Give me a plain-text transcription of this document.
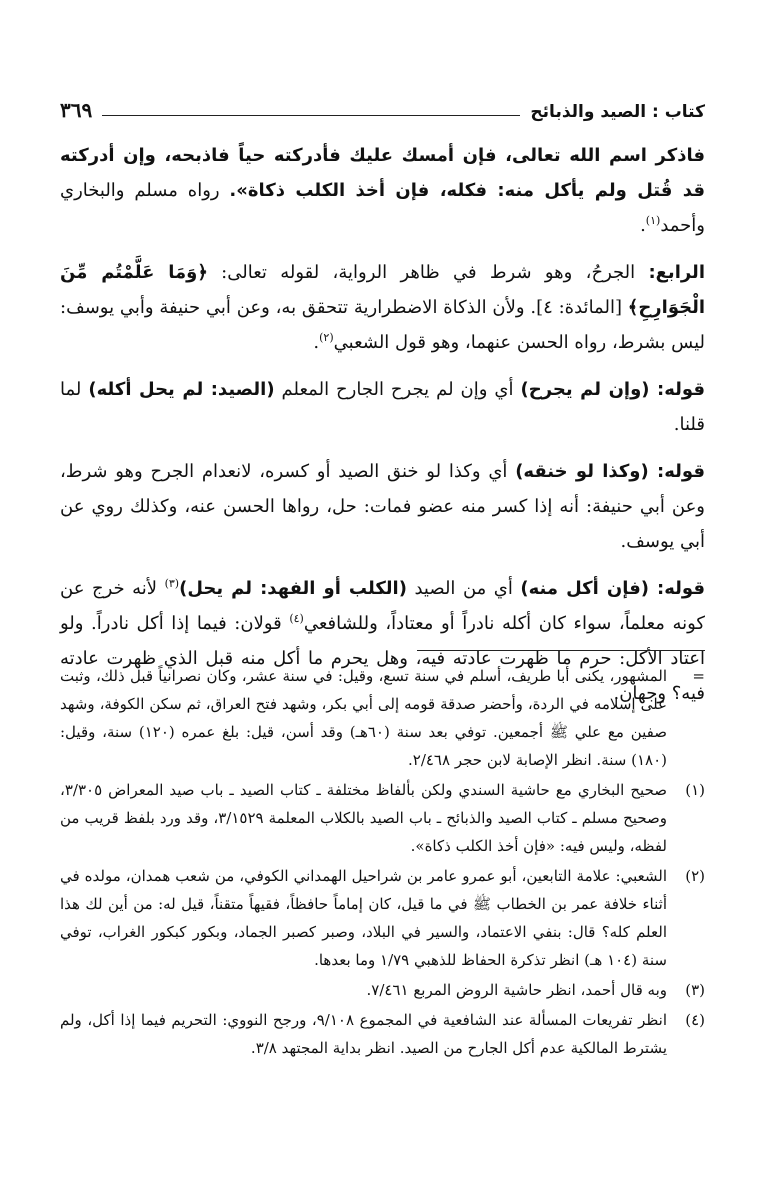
كتاب : الصيد والذبائح
٣٦٩

فاذكر اسم الله تعالى، فإن أمسك عليك فأدركته حياً فاذبحه، وإن أدركته قد قُتل ولم يأكل منه: فكله، فإن أخذ الكلب ذكاة». رواه مسلم والبخاري وأحمد$^{(١)}$.

الرابع: الجرحُ، وهو شرط في ظاهر الرواية، لقوله تعالى: ﴿وَمَا عَلَّمْتُم مِّنَ الْجَوَارِحِ﴾ [المائدة: ٤]. ولأن الذكاة الاضطرارية تتحقق به، وعن أبي حنيفة وأبي يوسف: ليس بشرط، رواه الحسن عنهما، وهو قول الشعبي$^{(٢)}$.

قوله: (وإن لم يجرح) أي وإن لم يجرح الجارح المعلم (الصيد: لم يحل أكله) لما قلنا.

قوله: (وكذا لو خنقه) أي وكذا لو خنق الصيد أو كسره، لانعدام الجرح وهو شرط، وعن أبي حنيفة: أنه إذا كسر منه عضو فمات: حل، رواها الحسن عنه، وكذلك روي عن أبي يوسف.

قوله: (فإن أكل منه) أي من الصيد (الكلب أو الفهد: لم يحل)$^{(٣)}$ لأنه خرج عن كونه معلماً، سواء كان أكله نادراً أو معتاداً، وللشافعي$^{(٤)}$ قولان: فيما إذا أكل نادراً. ولو اعتاد الأكل: حرم ما ظهرت عادته فيه، وهل يحرم ما أكل منه قبل الذي ظهرت عادته فيه؟ وجهان.

=
المشهور، يكنى أبا طريف، أسلم في سنة تسع، وقيل: في سنة عشر، وكان نصرانياً قبل ذلك، وثبت على إسلامه في الردة، وأحضر صدقة قومه إلى أبي بكر، وشهد فتح العراق، ثم سكن الكوفة، وشهد صفين مع علي ﷺ أجمعين. توفي بعد سنة (٦٠هـ) وقد أسن، قيل: بلغ عمره (١٢٠) سنة، وقيل: (١٨٠) سنة. انظر الإصابة لابن حجر ٢/٤٦٨.
(١)
صحيح البخاري مع حاشية السندي ولكن بألفاظ مختلفة ـ كتاب الصيد ـ باب صيد المعراض ٣/٣٠٥، وصحيح مسلم ـ كتاب الصيد والذبائح ـ باب الصيد بالكلاب المعلمة ٣/١٥٢٩، وقد ورد بلفظ قريب من لفظه، وليس فيه: «فإن أخذ الكلب ذكاة».
(٢)
الشعبي: علامة التابعين، أبو عمرو عامر بن شراحيل الهمداني الكوفي، من شعب همدان، مولده في أثناء خلافة عمر بن الخطاب ﷺ في ما قيل، كان إماماً حافظاً، فقيهاً متقناً، قيل له: من أين لك هذا العلم كله؟ قال: بنفي الاعتماد، والسير في البلاد، وصبر كصبر الجماد، وبكور كبكور الغراب، توفي سنة (١٠٤ هـ) انظر تذكرة الحفاظ للذهبي ١/٧٩ وما بعدها.
(٣)
وبه قال أحمد، انظر حاشية الروض المربع ٧/٤٦١.
(٤)
انظر تفريعات المسألة عند الشافعية في المجموع ٩/١٠٨، ورجح النووي: التحريم فيما إذا أكل، ولم يشترط المالكية عدم أكل الجارح من الصيد. انظر بداية المجتهد ٣/٨.
